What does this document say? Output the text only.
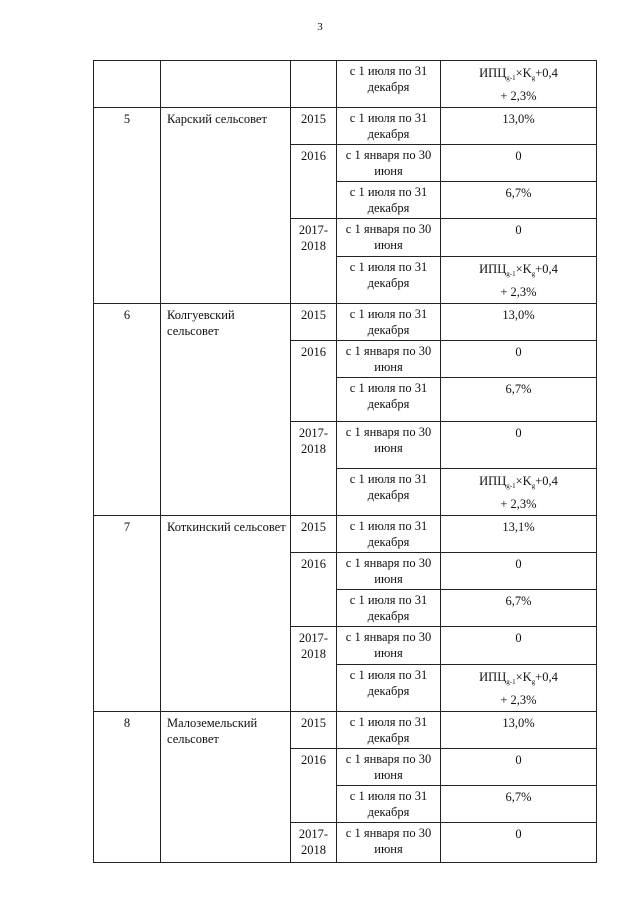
3
			с 1 июля по 31 декабря	$ИПЦ_{g-1}\times K_g+0,4$
+ 2,3%

5	Карский сельсовет	2015	с 1 июля по 31 декабря	13,0%
		2016	с 1 января по 30 июня	0
			с 1 июля по 31 декабря	6,7%
		2017-2018	с 1 января по 30 июня	0
			с 1 июля по 31 декабря	$ИПЦ_{g-1}\times K_g+0,4$
+ 2,3%

6	Колгуевский сельсовет	2015	с 1 июля по 31 декабря	13,0%
		2016	с 1 января по 30 июня	0
			с 1 июля по 31 декабря	6,7%
		2017-2018	с 1 января по 30 июня	0
			с 1 июля по 31 декабря	$ИПЦ_{g-1}\times K_g+0,4$
+ 2,3%

7	Коткинский сельсовет	2015	с 1 июля по 31 декабря	13,1%
		2016	с 1 января по 30 июня	0
			с 1 июля по 31 декабря	6,7%
		2017-2018	с 1 января по 30 июня	0
			с 1 июля по 31 декабря	$ИПЦ_{g-1}\times K_g+0,4$
+ 2,3%

8	Малоземельский сельсовет	2015	с 1 июля по 31 декабря	13,0%
		2016	с 1 января по 30 июня	0
			с 1 июля по 31 декабря	6,7%
		2017-2018	с 1 января по 30 июня	0
